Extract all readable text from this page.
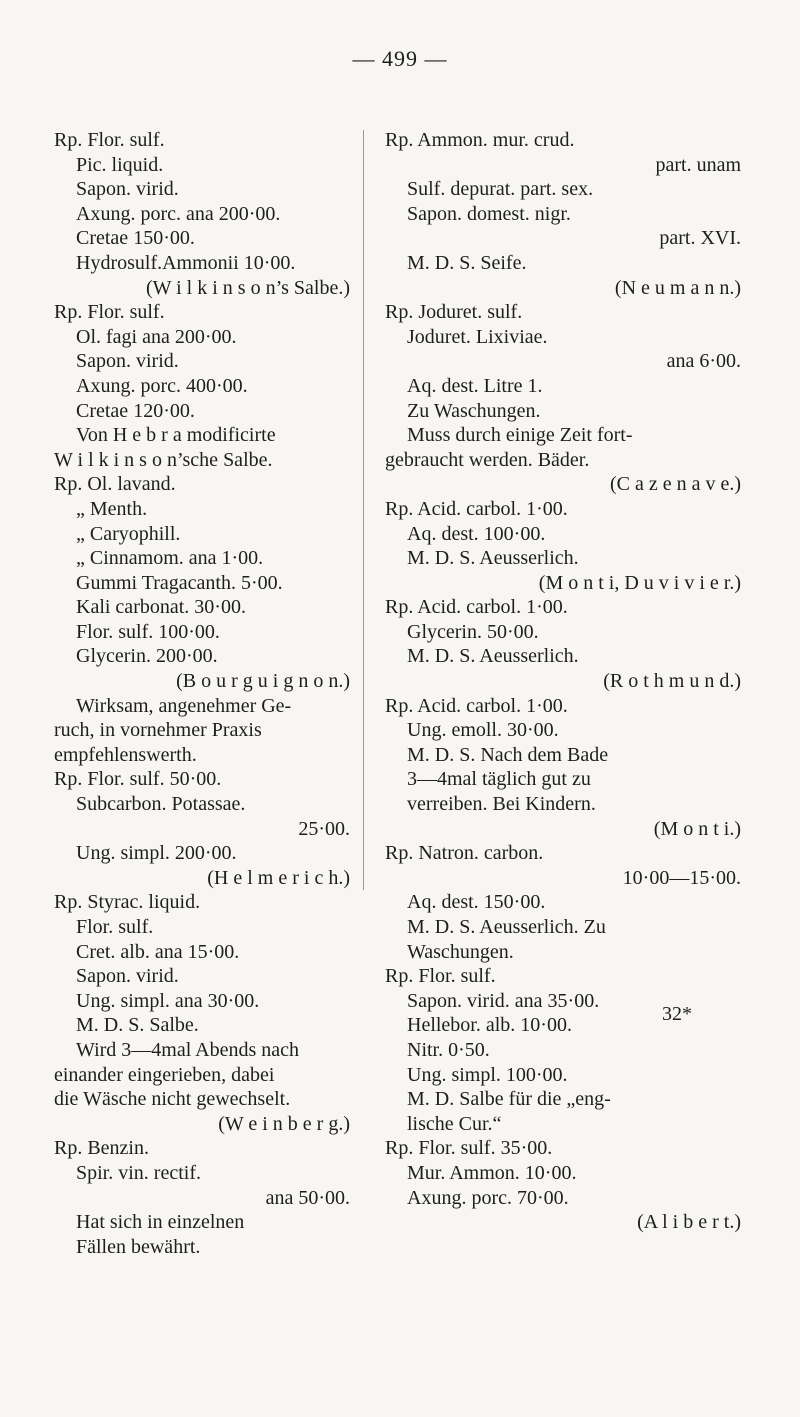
— 499 —
Rp. Flor. sulf.
Pic. liquid.
Sapon. virid.
Axung. porc. ana 200·00.
Cretae 150·00.
Hydrosulf.Ammonii 10·00.
(W i l k i n s o n’s Salbe.)
Rp. Flor. sulf.
Ol. fagi ana 200·00.
Sapon. virid.
Axung. porc. 400·00.
Cretae 120·00.
Von H e b r a modificirte
W i l k i n s o n’sche Salbe.
Rp. Ol. lavand.
„ Menth.
„ Caryophill.
„ Cinnamom. ana 1·00.
Gummi Tragacanth. 5·00.
Kali carbonat. 30·00.
Flor. sulf. 100·00.
Glycerin. 200·00.
(B o u r g u i g n o n.)
Wirksam, angenehmer Ge-
ruch, in vornehmer Praxis
empfehlenswerth.
Rp. Flor. sulf. 50·00.
Subcarbon. Potassae.
25·00.
Ung. simpl. 200·00.
(H e l m e r i c h.)
Rp. Styrac. liquid.
Flor. sulf.
Cret. alb. ana 15·00.
Sapon. virid.
Ung. simpl. ana 30·00.
M. D. S. Salbe.
Wird 3—4mal Abends nach
einander eingerieben, dabei
die Wäsche nicht gewechselt.
(W e i n b e r g.)
Rp. Benzin.
Spir. vin. rectif.
ana 50·00.
Hat sich in einzelnen
Fällen bewährt.
Rp. Ammon. mur. crud.
part. unam
Sulf. depurat. part. sex.
Sapon. domest. nigr.
part. XVI.
M. D. S. Seife.
(N e u m a n n.)
Rp. Joduret. sulf.
Joduret. Lixiviae.
ana 6·00.
Aq. dest. Litre 1.
Zu Waschungen.
Muss durch einige Zeit fort-
gebraucht werden. Bäder.
(C a z e n a v e.)
Rp. Acid. carbol. 1·00.
Aq. dest. 100·00.
M. D. S. Aeusserlich.
(M o n t i, D u v i v i e r.)
Rp. Acid. carbol. 1·00.
Glycerin. 50·00.
M. D. S. Aeusserlich.
(R o t h m u n d.)
Rp. Acid. carbol. 1·00.
Ung. emoll. 30·00.
M. D. S. Nach dem Bade
3—4mal täglich gut zu
verreiben. Bei Kindern.
(M o n t i.)
Rp. Natron. carbon.
10·00—15·00.
Aq. dest. 150·00.
M. D. S. Aeusserlich. Zu
Waschungen.
Rp. Flor. sulf.
Sapon. virid. ana 35·00.
Hellebor. alb. 10·00.
Nitr. 0·50.
Ung. simpl. 100·00.
M. D. Salbe für die „eng-
lische Cur.“
Rp. Flor. sulf. 35·00.
Mur. Ammon. 10·00.
Axung. porc. 70·00.
(A l i b e r t.)
32*
